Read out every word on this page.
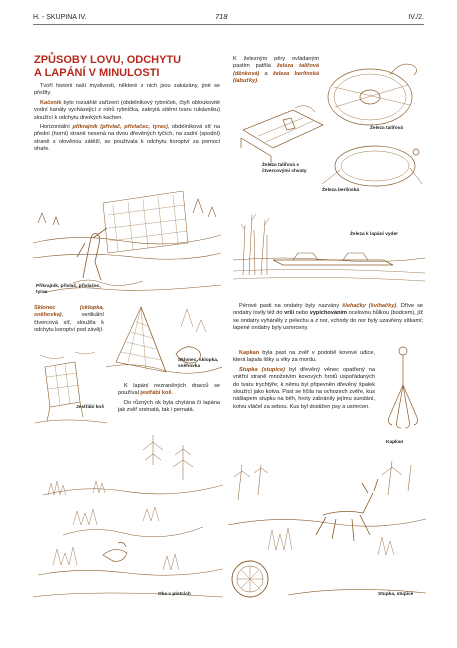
H. - SKUPINA IV.	718	IV./2.
ZPŮSOBY LOVU, ODCHYTU
A LAPÁNÍ V MINULOSTI

Tvoří historii naší myslivosti, některé z nich jsou zakázány, jiné se přežily.

Kačeník bylo rozsáhlé zařízení (obdélníkový rybníček, čtyři obloukovité vodní kanály vycházející z rohů rybníčka, zakrytá sítěmi tvaru rukávníku) sloužící k odchytu divokých kachen.

Horizontální přikrajník (přivlač, přivlačec, tyras), obdélníková síť na přední (horní) straně nesená na dvou dřevěných tyčích, na zadní (spodní) straně s olověnou zátěží, se používala k odchytu koroptví za pomoci ohaře.

Přikrajník, přivlač, přivlačec, tyras
Sklonec (sklopka, sněhovka), vertikální čtvercová síť, sloužila k odchytu koroptví pod závějí.
Sklonec, sklopka, sněhovka
Jestřábí koš

K lapání nezraněných dravců se používal jestřábí koš.

Do různých ok byla chytána či lapána jak zvěř srstnatá, tak i pernatá.

Oka v plotcích
K železným pěry ovládaným pastím patřila železa talířová (děnková) a železa berlinská (labuťky).
Železa talířová
Železa talířová s čtvercovými chvaty
Železa berlinská
Železa k lapání vyder

Pérové pasti na ondatry byly nazvány šlehačky (švihačky). Dříve se ondatry lovily též do vrší nebo vypichováním ocelovou hůlkou (bodcem), jíž se ondatry vyháněly z pelechu a z nor, vchody do nor byly uzavřeny sítkami; lapené ondatry byly usmrceny.

Kapkan byla past na zvěř v podobě kovové udice, která lapala lišky a vlky za mordu.

Stupka (stupice) byl dřevěný věnec opatřený na vnitřní straně množstvím kovových hrotů uspořádaných do tvaru trychtýře; k němu byl připevněn dřevěný špalek sloužící jako kotva. Past se líčila na ochozech zvěře, kus nášlapem stupku na běh, hroty zabránily jejímu sundání, kotvu vláčel za sebou. Kus byl dostižen psy a usmrcen.

Kapkan
Stupka, stupice
